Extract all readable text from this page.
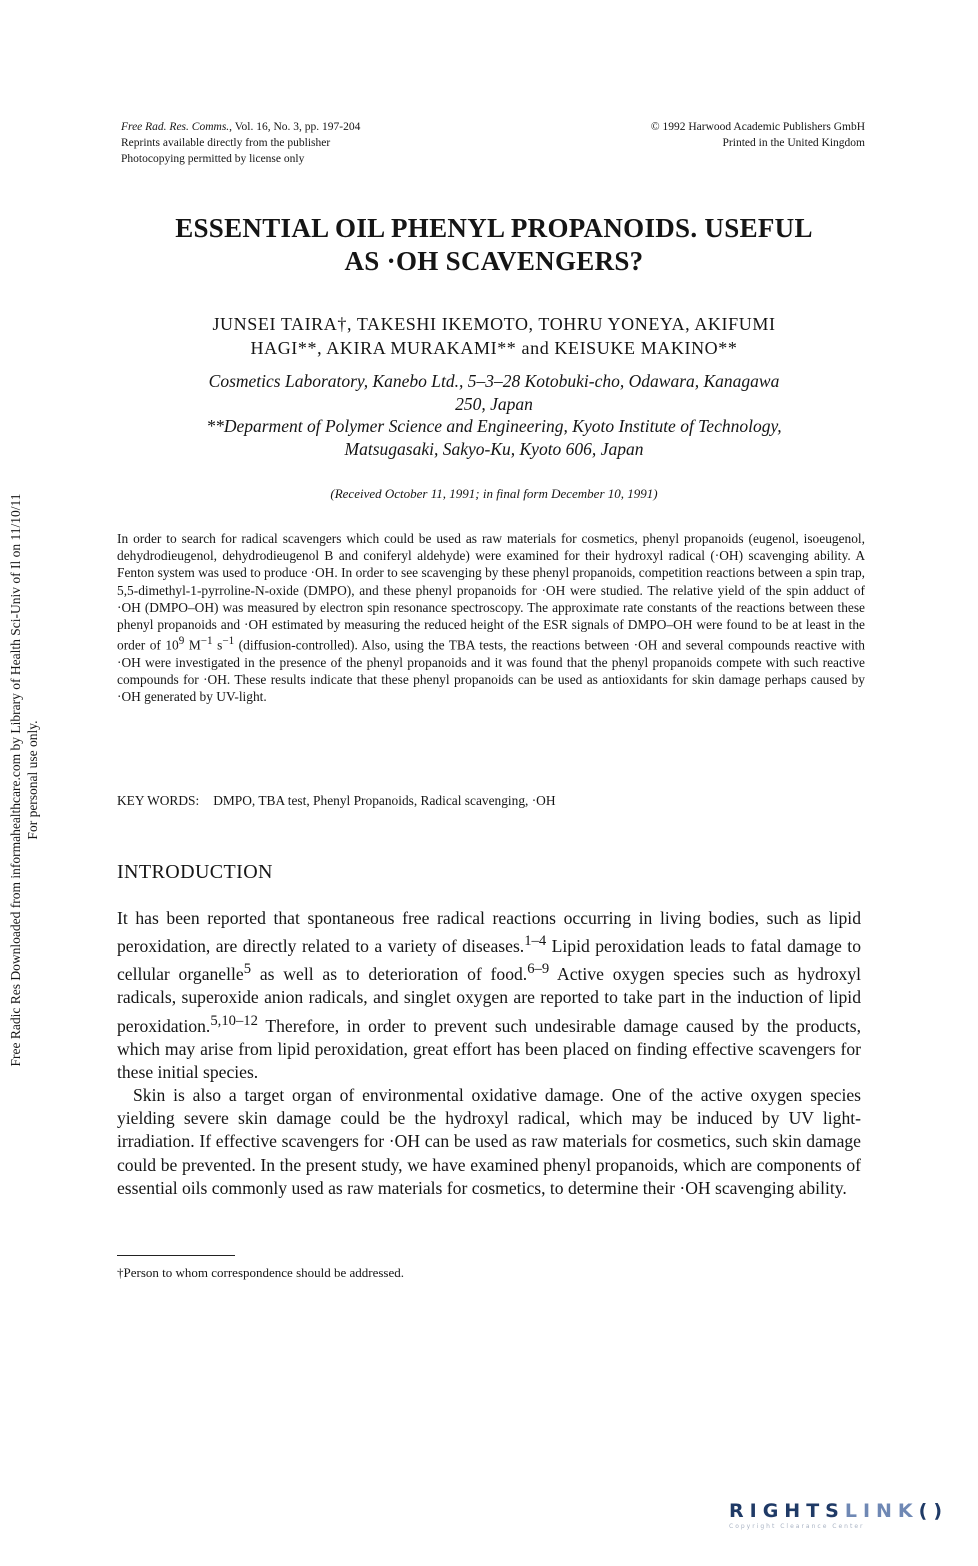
Free Radic Res Downloaded from informahealthcare.com by Library of Health Sci-Univ of Il on 11/10/11 For personal use only.
Free Rad. Res. Comms., Vol. 16, No. 3, pp. 197-204
Reprints available directly from the publisher
Photocopying permitted by license only
© 1992 Harwood Academic Publishers GmbH
Printed in the United Kingdom
ESSENTIAL OIL PHENYL PROPANOIDS. USEFUL
AS ·OH SCAVENGERS?
JUNSEI TAIRA†, TAKESHI IKEMOTO, TOHRU YONEYA, AKIFUMI
HAGI**, AKIRA MURAKAMI** and KEISUKE MAKINO**
Cosmetics Laboratory, Kanebo Ltd., 5–3–28 Kotobuki-cho, Odawara, Kanagawa
250, Japan
**Deparment of Polymer Science and Engineering, Kyoto Institute of Technology,
Matsugasaki, Sakyo-Ku, Kyoto 606, Japan
(Received October 11, 1991; in final form December 10, 1991)
In order to search for radical scavengers which could be used as raw materials for cosmetics, phenyl propanoids (eugenol, isoeugenol, dehydrodieugenol, dehydrodieugenol B and coniferyl aldehyde) were examined for their hydroxyl radical (·OH) scavenging ability. A Fenton system was used to produce ·OH. In order to see scavenging by these phenyl propanoids, competition reactions between a spin trap, 5,5-dimethyl-1-pyrroline-N-oxide (DMPO), and these phenyl propanoids for ·OH were studied. The relative yield of the spin adduct of ·OH (DMPO–OH) was measured by electron spin resonance spectroscopy. The approximate rate constants of the reactions between these phenyl propanoids and ·OH estimated by measuring the reduced height of the ESR signals of DMPO–OH were found to be at least in the order of $10^9$ $M^{-1}$ $s^{-1}$ (diffusion-controlled). Also, using the TBA tests, the reactions between ·OH and several compounds reactive with ·OH were investigated in the presence of the phenyl propanoids and it was found that the phenyl propanoids compete with such reactive compounds for ·OH. These results indicate that these phenyl propanoids can be used as antioxidants for skin damage perhaps caused by ·OH generated by UV-light.
KEY WORDS: DMPO, TBA test, Phenyl Propanoids, Radical scavenging, ·OH
INTRODUCTION

It has been reported that spontaneous free radical reactions occurring in living bodies, such as lipid peroxidation, are directly related to a variety of diseases.$^{1-4}$ Lipid peroxidation leads to fatal damage to cellular organelle$^5$ as well as to deterioration of food.$^{6-9}$ Active oxygen species such as hydroxyl radicals, superoxide anion radicals, and singlet oxygen are reported to take part in the induction of lipid peroxidation.$^{5,10-12}$ Therefore, in order to prevent such undesirable damage caused by the products, which may arise from lipid peroxidation, great effort has been placed on finding effective scavengers for these initial species.

Skin is also a target organ of environmental oxidative damage. One of the active oxygen species yielding severe skin damage could be the hydroxyl radical, which may be induced by UV light-irradiation. If effective scavengers for ·OH can be used as raw materials for cosmetics, such skin damage could be prevented. In the present study, we have examined phenyl propanoids, which are components of essential oils commonly used as raw materials for cosmetics, to determine their ·OH scavenging ability.

†Person to whom correspondence should be addressed.
RIGHTSLINK()
Copyright Clearance Center
